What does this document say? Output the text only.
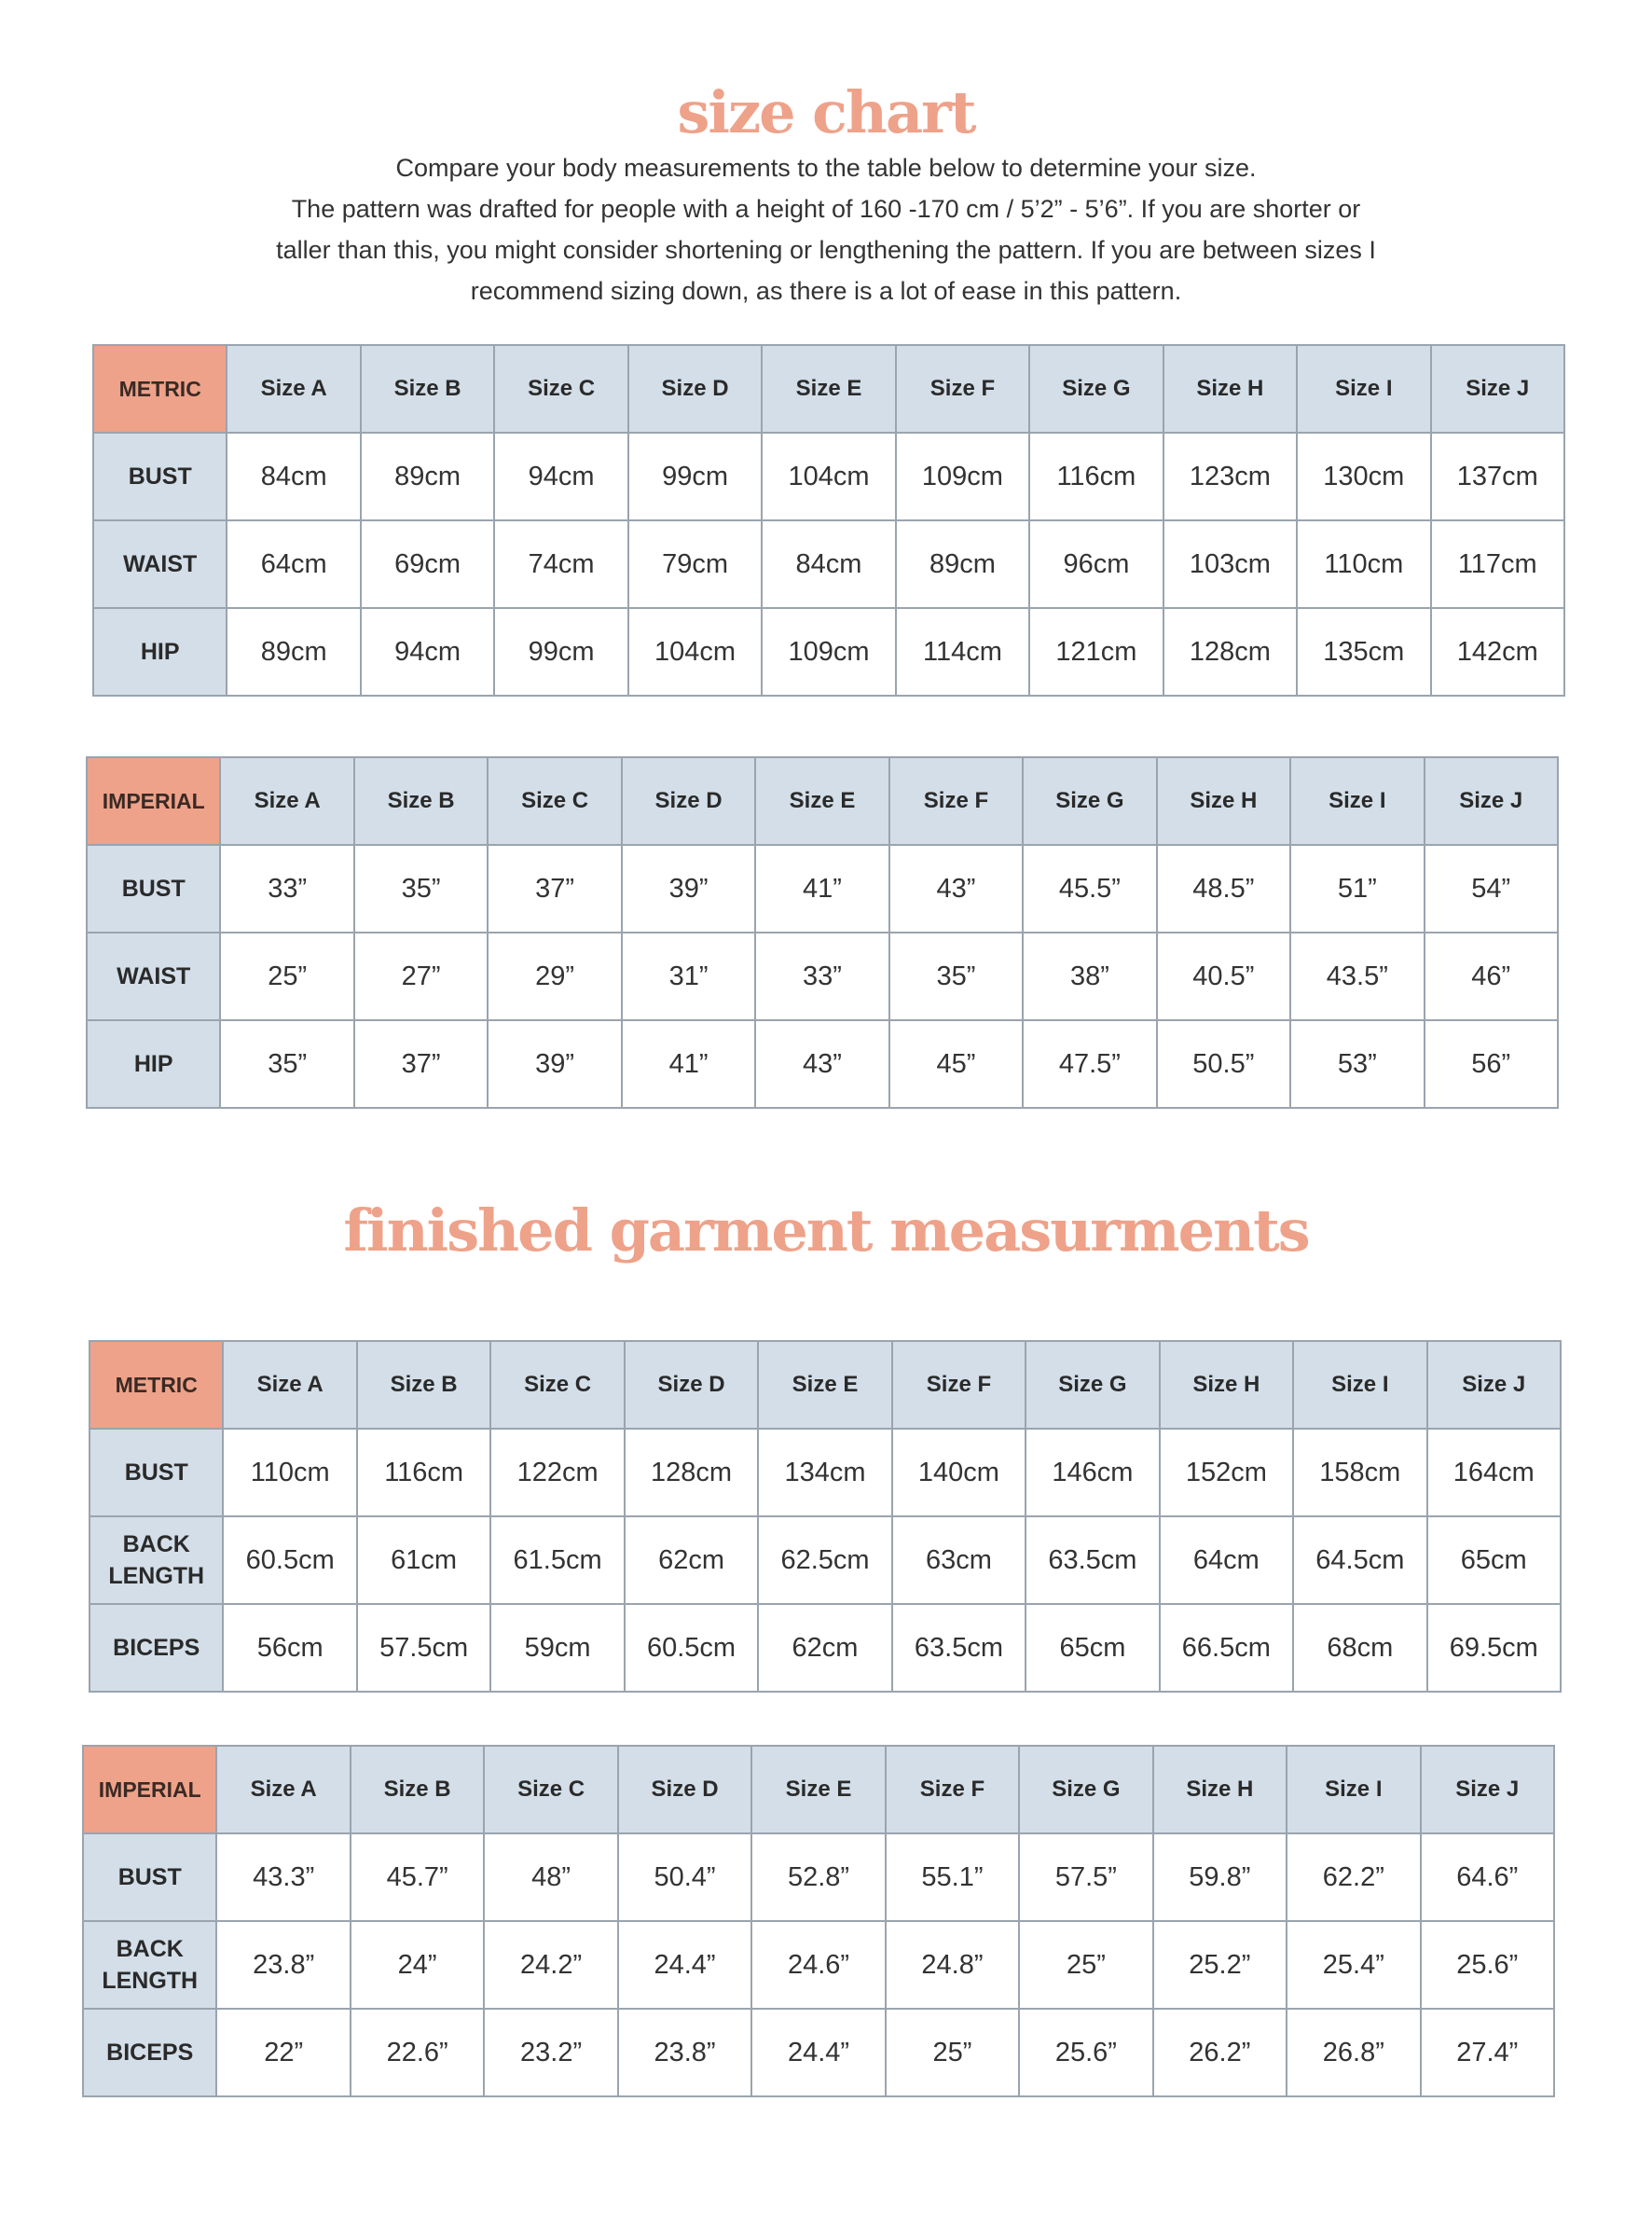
size chart

Compare your body measurements to the table below to determine your size.

The pattern was drafted for people with a height of 160 -170 cm / 5’2” - 5’6”. If you are shorter or

taller than this, you might consider shortening or lengthening the pattern. If you are between sizes I

recommend sizing down, as there is a lot of ease in this pattern.

METRIC	Size A	Size B	Size C	Size D	Size E	Size F	Size G	Size H	Size I	Size J
BUST	84cm	89cm	94cm	99cm	104cm	109cm	116cm	123cm	130cm	137cm
WAIST	64cm	69cm	74cm	79cm	84cm	89cm	96cm	103cm	110cm	117cm
HIP	89cm	94cm	99cm	104cm	109cm	114cm	121cm	128cm	135cm	142cm
IMPERIAL	Size A	Size B	Size C	Size D	Size E	Size F	Size G	Size H	Size I	Size J
BUST	33”	35”	37”	39”	41”	43”	45.5”	48.5”	51”	54”
WAIST	25”	27”	29”	31”	33”	35”	38”	40.5”	43.5”	46”
HIP	35”	37”	39”	41”	43”	45”	47.5”	50.5”	53”	56”
finished garment measurments
METRIC	Size A	Size B	Size C	Size D	Size E	Size F	Size G	Size H	Size I	Size J
BUST	110cm	116cm	122cm	128cm	134cm	140cm	146cm	152cm	158cm	164cm
BACK
LENGTH	60.5cm	61cm	61.5cm	62cm	62.5cm	63cm	63.5cm	64cm	64.5cm	65cm
BICEPS	56cm	57.5cm	59cm	60.5cm	62cm	63.5cm	65cm	66.5cm	68cm	69.5cm
IMPERIAL	Size A	Size B	Size C	Size D	Size E	Size F	Size G	Size H	Size I	Size J
BUST	43.3”	45.7”	48”	50.4”	52.8”	55.1”	57.5”	59.8”	62.2”	64.6”
BACK
LENGTH	23.8”	24”	24.2”	24.4”	24.6”	24.8”	25”	25.2”	25.4”	25.6”
BICEPS	22”	22.6”	23.2”	23.8”	24.4”	25”	25.6”	26.2”	26.8”	27.4”
